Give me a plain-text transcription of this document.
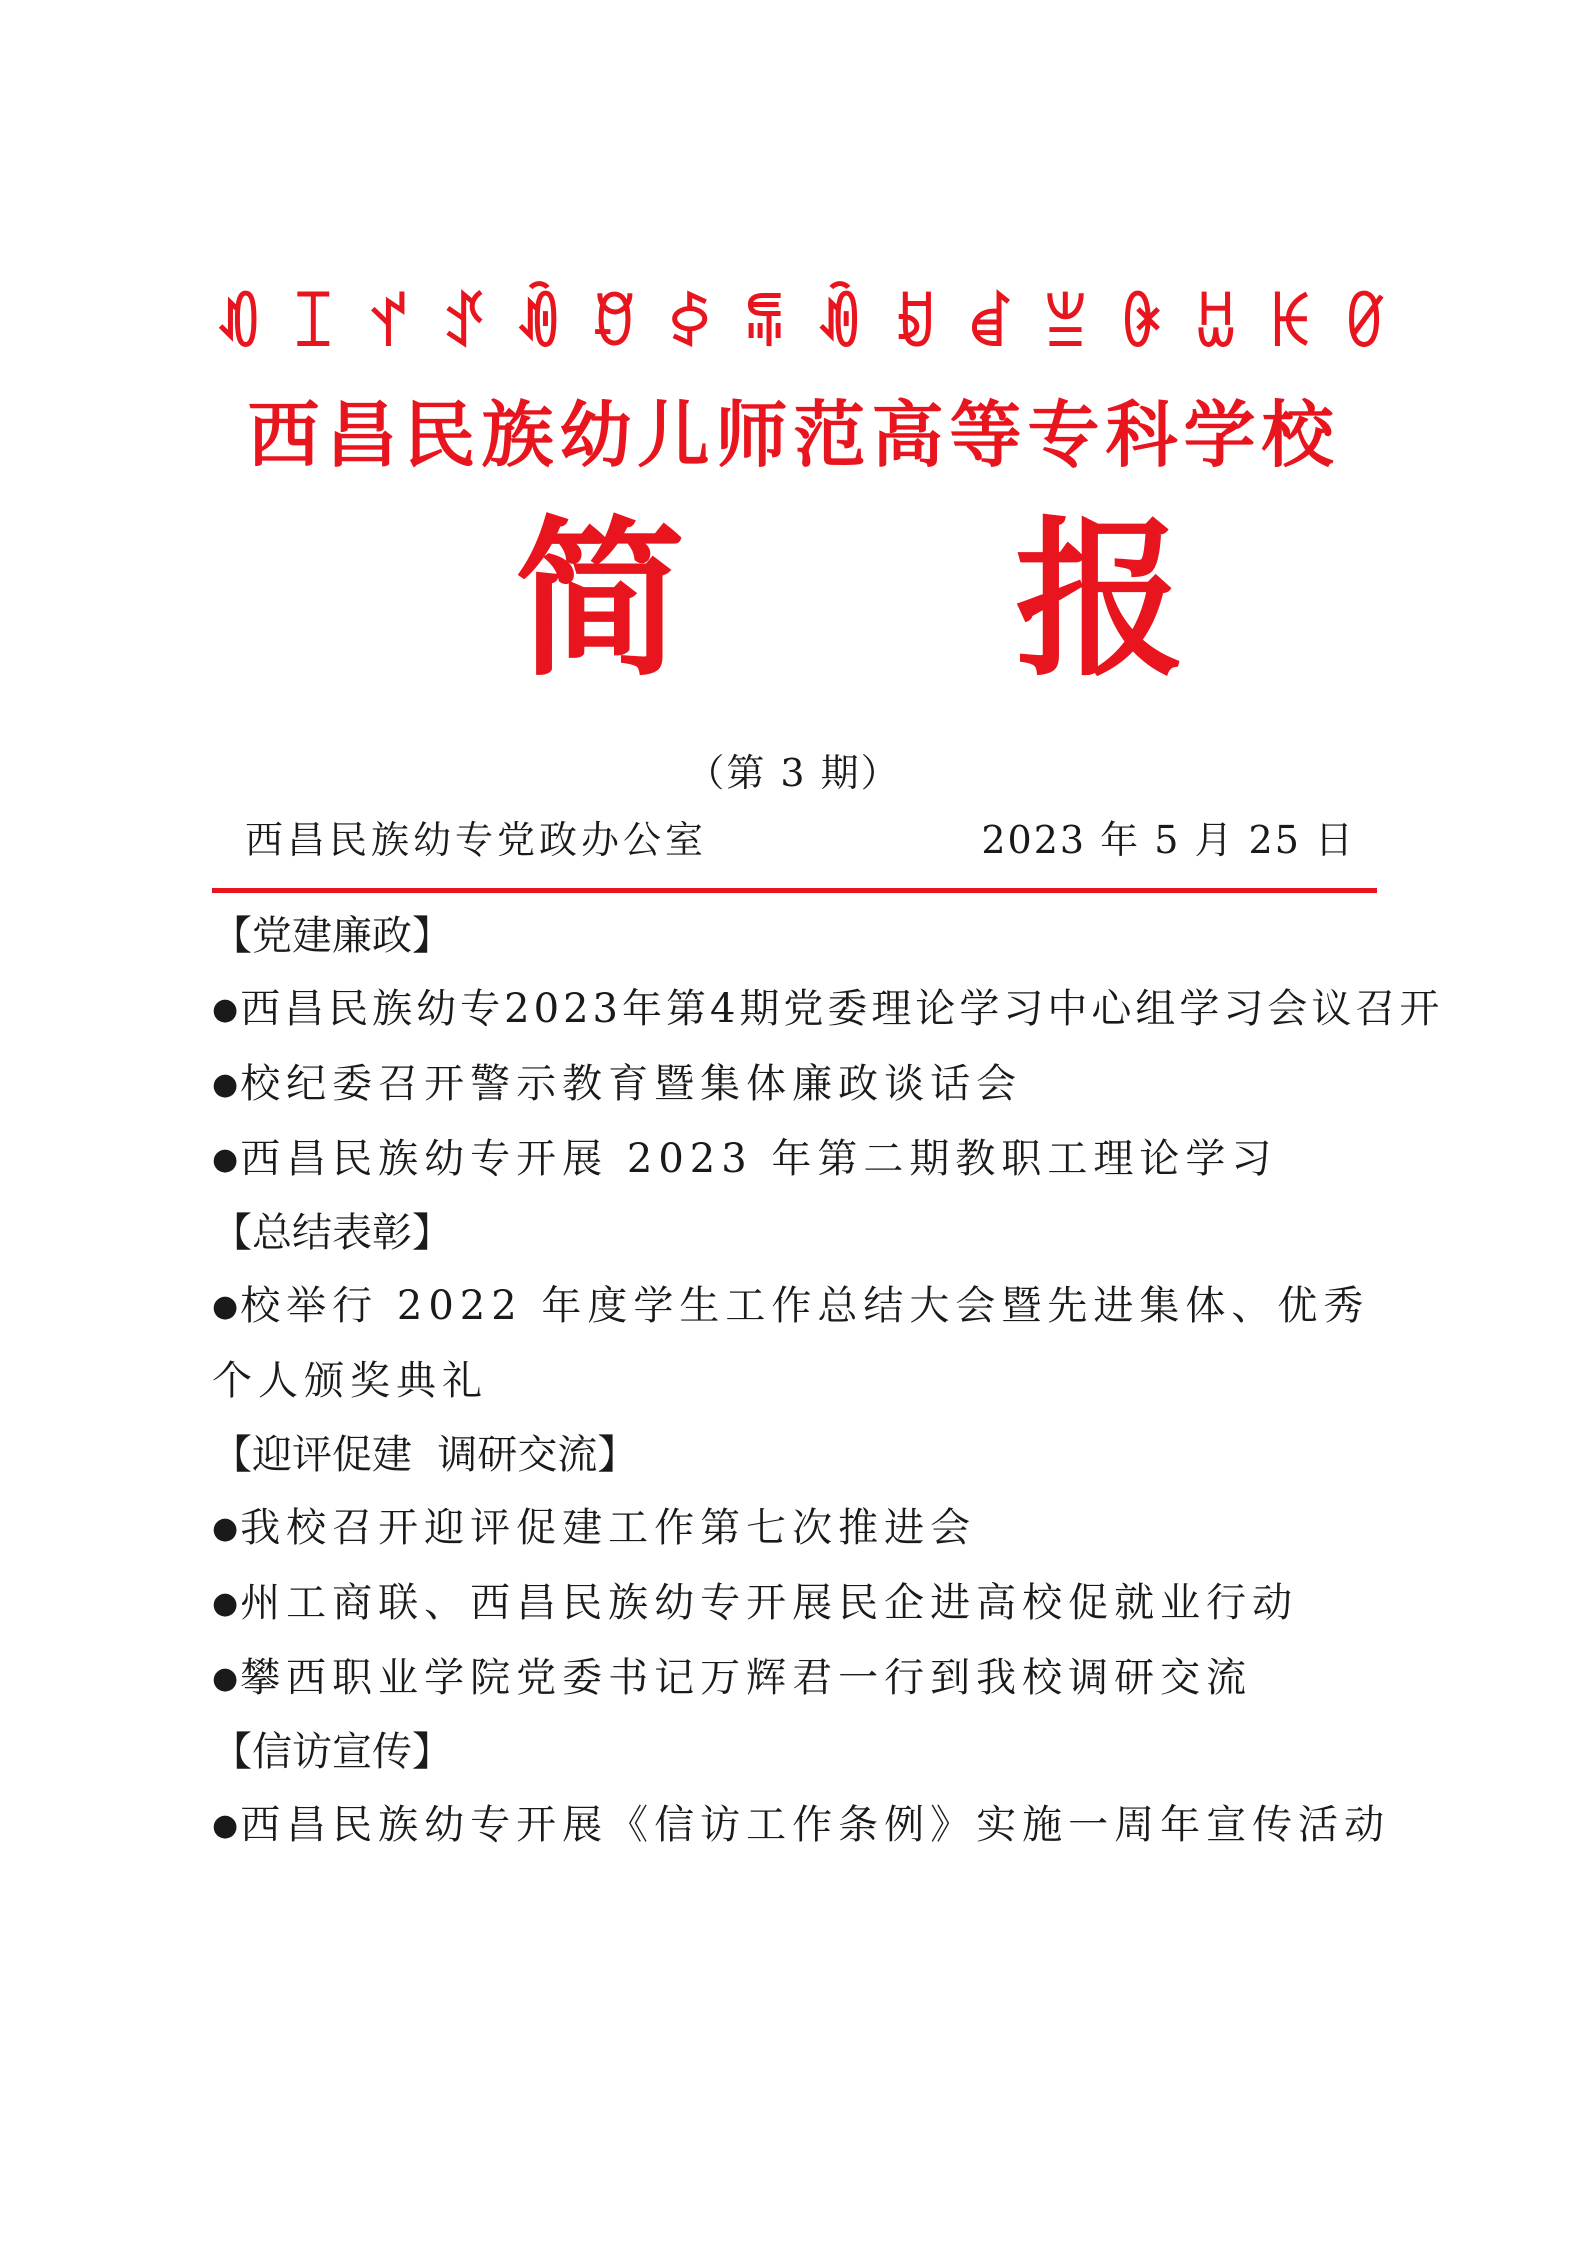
ꀒ ꀤ ꀈ ꀋ ꀐ ꀄ ꀆ ꁄ ꀐ ꀂ ꀸ ꁈ ꀖ ꀠ ꀘ ꀜ
西昌民族幼儿师范高等专科学校
简 报
（第 3 期）
西昌民族幼专党政办公室	2023 年 5 月 25 日
【党建廉政】
●西昌民族幼专2023年第4期党委理论学习中心组学习会议召开
●校纪委召开警示教育暨集体廉政谈话会
●西昌民族幼专开展 2023 年第二期教职工理论学习
【总结表彰】
●校举行 2022 年度学生工作总结大会暨先进集体、优秀个人颁奖典礼
【迎评促建  调研交流】
●我校召开迎评促建工作第七次推进会
●州工商联、西昌民族幼专开展民企进高校促就业行动
●攀西职业学院党委书记万辉君一行到我校调研交流
【信访宣传】
●西昌民族幼专开展《信访工作条例》实施一周年宣传活动
